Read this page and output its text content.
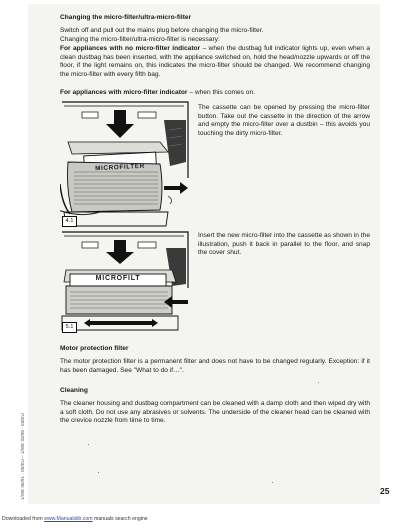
Changing the micro-filter/ultra-micro-filter
Switch off and pull out the mains plug before changing the micro-filter.
Changing the micro-filter/ultra-micro-filter is necessary:
For appliances with no micro-filter indicator – when the dustbag full indicator lights up, even when a clean dustbag has been inserted, with the appliance switched on, hold the head/nozzle upwards or off the floor, if the light remains on, this indicates the micro-filter should be changed. We recommend changing the micro-filter with every fifth bag.
For appliances with micro-filter indicator – when this comes on.
MICROFILTER
4.1
The cassette can be opened by pressing the micro-filter button. Take out the cassette in the direction of the arrow and empty the micro-filter over a dustbin – this avoids you touching the dirty micro-filter.
MICROFILT
5.1
Insert the new micro-filter into the cassette as shown in the illustration, push it back in parallel to the floor, and snap the cover shut.
Motor protection filter
The motor protection filter is a permanent filter and does not have to be changed regularly. Exception: if it has been damaged. See "What to do if…".
Cleaning
The cleaner housing and dustbag compartment can be cleaned with a damp cloth and then wiped dry with a soft cloth. Do not use any abrasives or solvents. The underside of the cleaner head can be cleaned with the crevice nozzle from time to time.
25
1/WE 06/91 · 05/EU – 1/WE 03/95 · 03/EU
Downloaded from www.Manualslib.com manuals search engine
